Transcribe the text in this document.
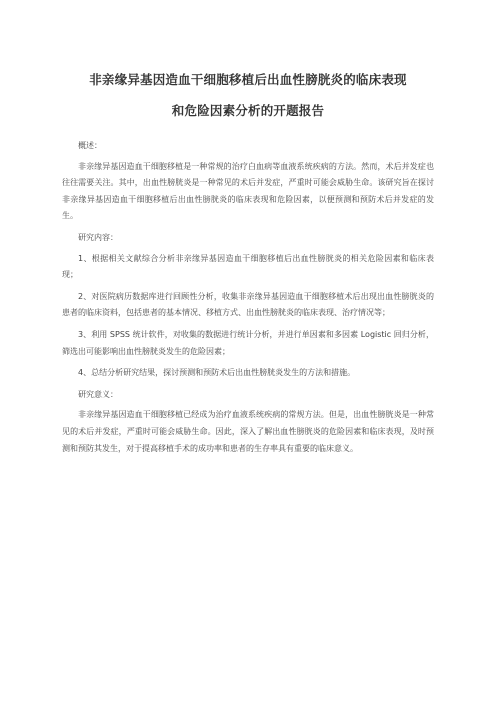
非亲缘异基因造血干细胞移植后出血性膀胱炎的临床表现
和危险因素分析的开题报告

概述：

非亲缘异基因造血干细胞移植是一种常规的治疗白血病等血液系统疾病的方法。然而，术后并发症也往往需要关注。其中，出血性膀胱炎是一种常见的术后并发症，严重时可能会威胁生命。该研究旨在探讨非亲缘异基因造血干细胞移植后出血性膀胱炎的临床表现和危险因素，以便预测和预防术后并发症的发生。

研究内容：

1、根据相关文献综合分析非亲缘异基因造血干细胞移植后出血性膀胱炎的相关危险因素和临床表现；

2、对医院病历数据库进行回顾性分析，收集非亲缘异基因造血干细胞移植术后出现出血性膀胱炎的患者的临床资料，包括患者的基本情况、移植方式、出血性膀胱炎的临床表现、治疗情况等；

3、利用 SPSS 统计软件，对收集的数据进行统计分析，并进行单因素和多因素 Logistic 回归分析，筛选出可能影响出血性膀胱炎发生的危险因素；

4、总结分析研究结果，探讨预测和预防术后出血性膀胱炎发生的方法和措施。

研究意义：

非亲缘异基因造血干细胞移植已经成为治疗血液系统疾病的常规方法。但是，出血性膀胱炎是一种常见的术后并发症，严重时可能会威胁生命。因此，深入了解出血性膀胱炎的危险因素和临床表现，及时预测和预防其发生，对于提高移植手术的成功率和患者的生存率具有重要的临床意义。
